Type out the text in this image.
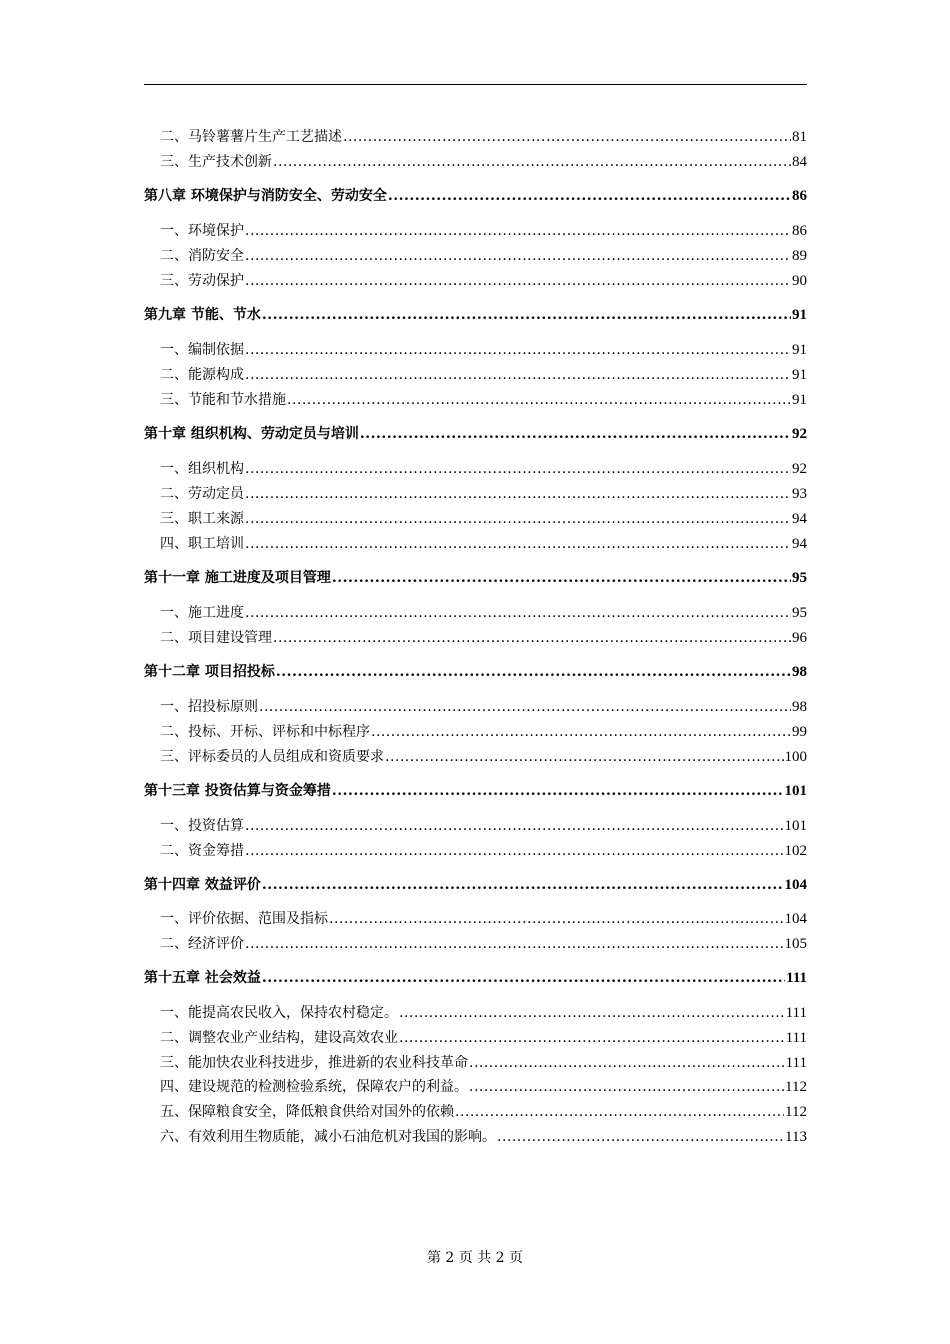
二、马铃薯薯片生产工艺描述 .....	81
三、生产技术创新 .....	84
第八章 环境保护与消防安全、劳动安全 .....	86
一、环境保护 .....	86
二、消防安全 .....	89
三、劳动保护 .....	90
第九章 节能、节水 .....	91
一、编制依据 .....	91
二、能源构成 .....	91
三、节能和节水措施 .....	91
第十章 组织机构、劳动定员与培训 .....	92
一、组织机构 .....	92
二、劳动定员 .....	93
三、职工来源 .....	94
四、职工培训 .....	94
第十一章 施工进度及项目管理 .....	95
一、施工进度 .....	95
二、项目建设管理 .....	96
第十二章 项目招投标 .....	98
一、招投标原则 .....	98
二、投标、开标、评标和中标程序 .....	99
三、评标委员的人员组成和资质要求 .....	100
第十三章 投资估算与资金筹措 .....	101
一、投资估算 .....	101
二、资金筹措 .....	102
第十四章 效益评价 .....	104
一、评价依据、范围及指标 .....	104
二、经济评价 .....	105
第十五章 社会效益 .....	111
一、能提高农民收入，保持农村稳定。 .....	111
二、调整农业产业结构，建设高效农业 .....	111
三、能加快农业科技进步，推进新的农业科技革命 .....	111
四、建设规范的检测检验系统，保障农户的利益。 .....	112
五、保障粮食安全，降低粮食供给对国外的依赖 .....	112
六、有效利用生物质能，减小石油危机对我国的影响。 .....	113
第 2 页 共 2 页
